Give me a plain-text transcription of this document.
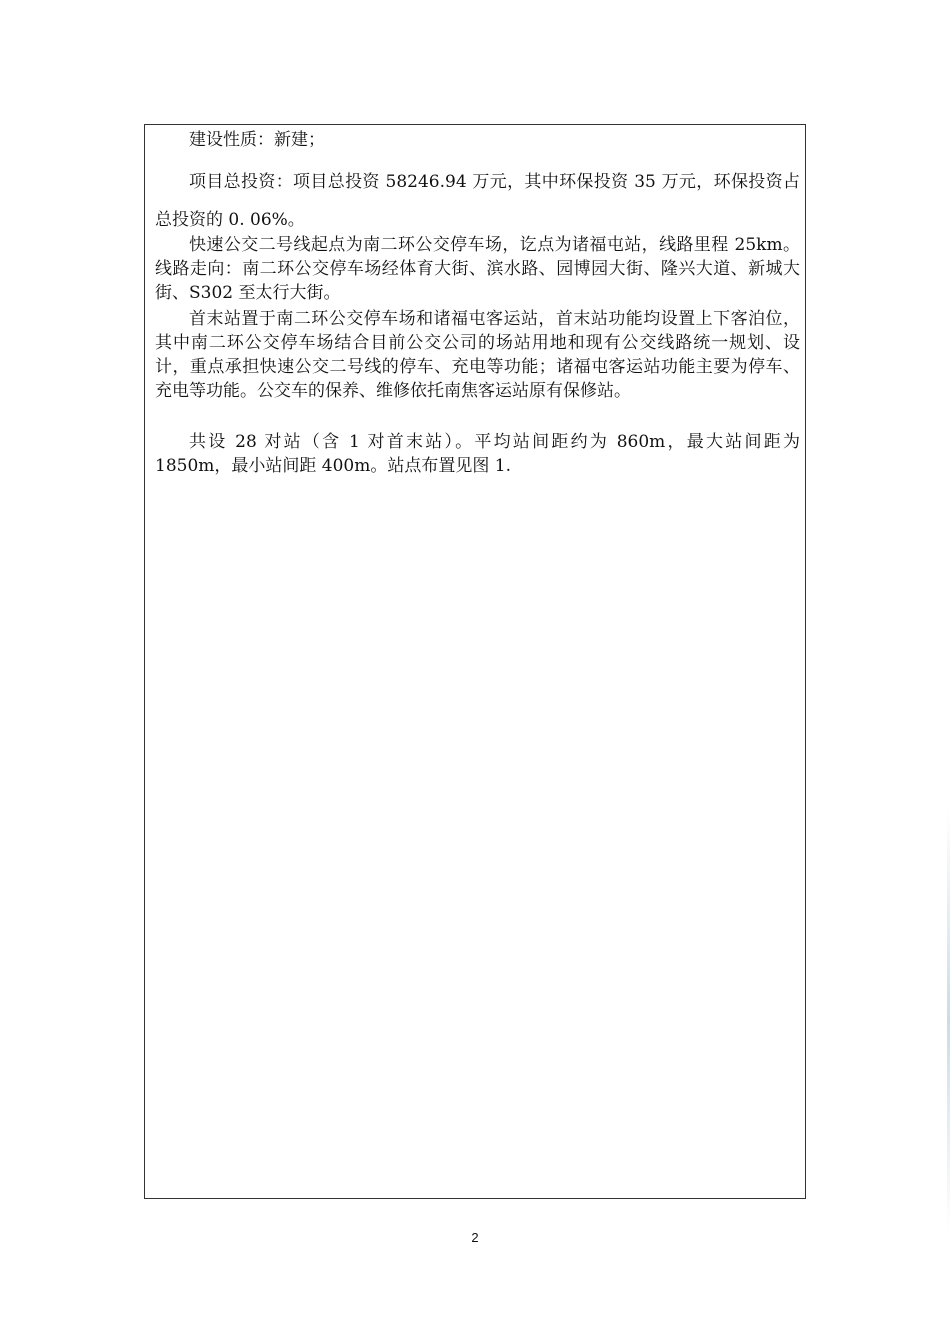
建设性质：新建；

项目总投资：项目总投资 58246.94 万元，其中环保投资 35 万元，环保投资占总投资的 0. 06%。

快速公交二号线起点为南二环公交停车场，讫点为诸福屯站，线路里程 25km。线路走向：南二环公交停车场经体育大街、滨水路、园博园大街、隆兴大道、新城大街、S302 至太行大街。

首末站置于南二环公交停车场和诸福屯客运站，首末站功能均设置上下客泊位，其中南二环公交停车场结合目前公交公司的场站用地和现有公交线路统一规划、设计，重点承担快速公交二号线的停车、充电等功能；诸福屯客运站功能主要为停车、充电等功能。公交车的保养、维修依托南焦客运站原有保修站。

共设 28 对站（含 1 对首末站）。平均站间距约为 860m，最大站间距为 1850m，最小站间距 400m。站点布置见图 1.

2
